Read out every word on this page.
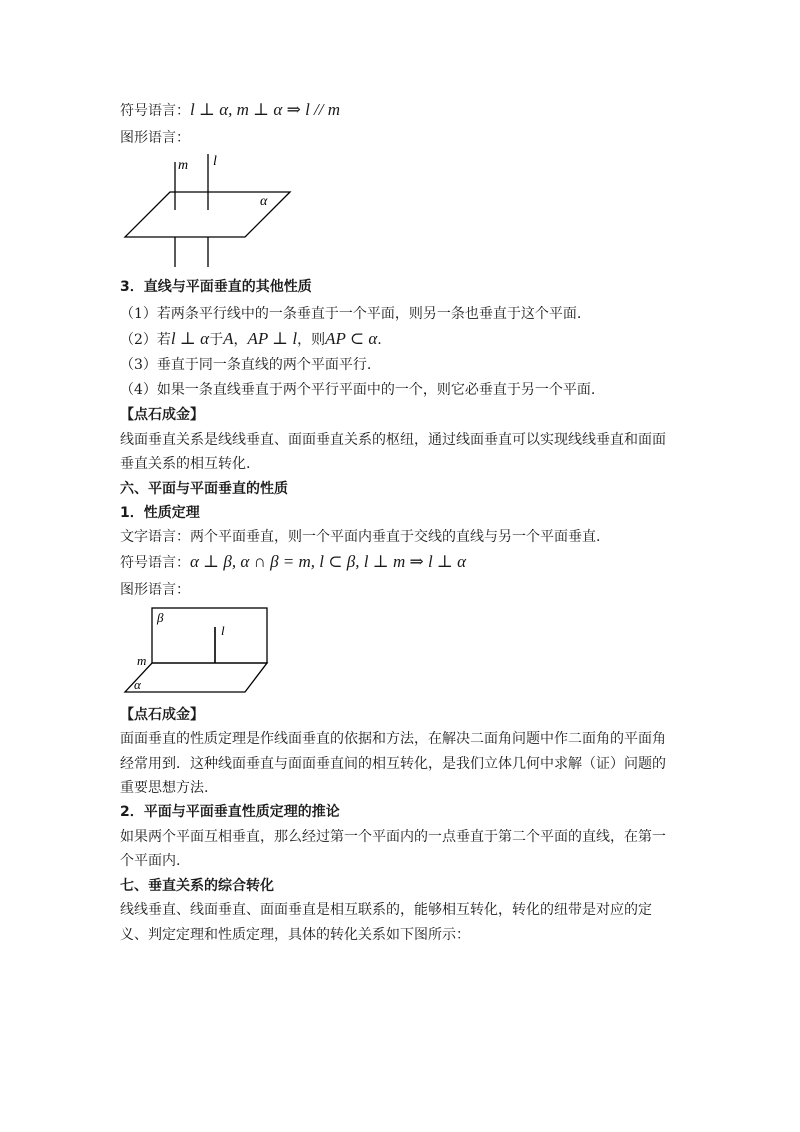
符号语言：l ⊥ α, m ⊥ α ⇒ l // m
图形语言：
m l
α
3．直线与平面垂直的其他性质
（1）若两条平行线中的一条垂直于一个平面，则另一条也垂直于这个平面.
（2）若l ⊥ α于A，AP ⊥ l，则AP ⊂ α.
（3）垂直于同一条直线的两个平面平行.
（4）如果一条直线垂直于两个平行平面中的一个，则它必垂直于另一个平面.
【点石成金】
线面垂直关系是线线垂直、面面垂直关系的枢纽，通过线面垂直可以实现线线垂直和面面
垂直关系的相互转化.
六、平面与平面垂直的性质
1．性质定理
文字语言：两个平面垂直，则一个平面内垂直于交线的直线与另一个平面垂直.
符号语言：α ⊥ β, α ∩ β = m, l ⊂ β, l ⊥ m ⇒ l ⊥ α
图形语言：
β
l
m
α
【点石成金】
面面垂直的性质定理是作线面垂直的依据和方法，在解决二面角问题中作二面角的平面角
经常用到．这种线面垂直与面面垂直间的相互转化，是我们立体几何中求解（证）问题的
重要思想方法.
2．平面与平面垂直性质定理的推论
如果两个平面互相垂直，那么经过第一个平面内的一点垂直于第二个平面的直线，在第一
个平面内.
七、垂直关系的综合转化
线线垂直、线面垂直、面面垂直是相互联系的，能够相互转化，转化的纽带是对应的定
义、判定定理和性质定理，具体的转化关系如下图所示：
